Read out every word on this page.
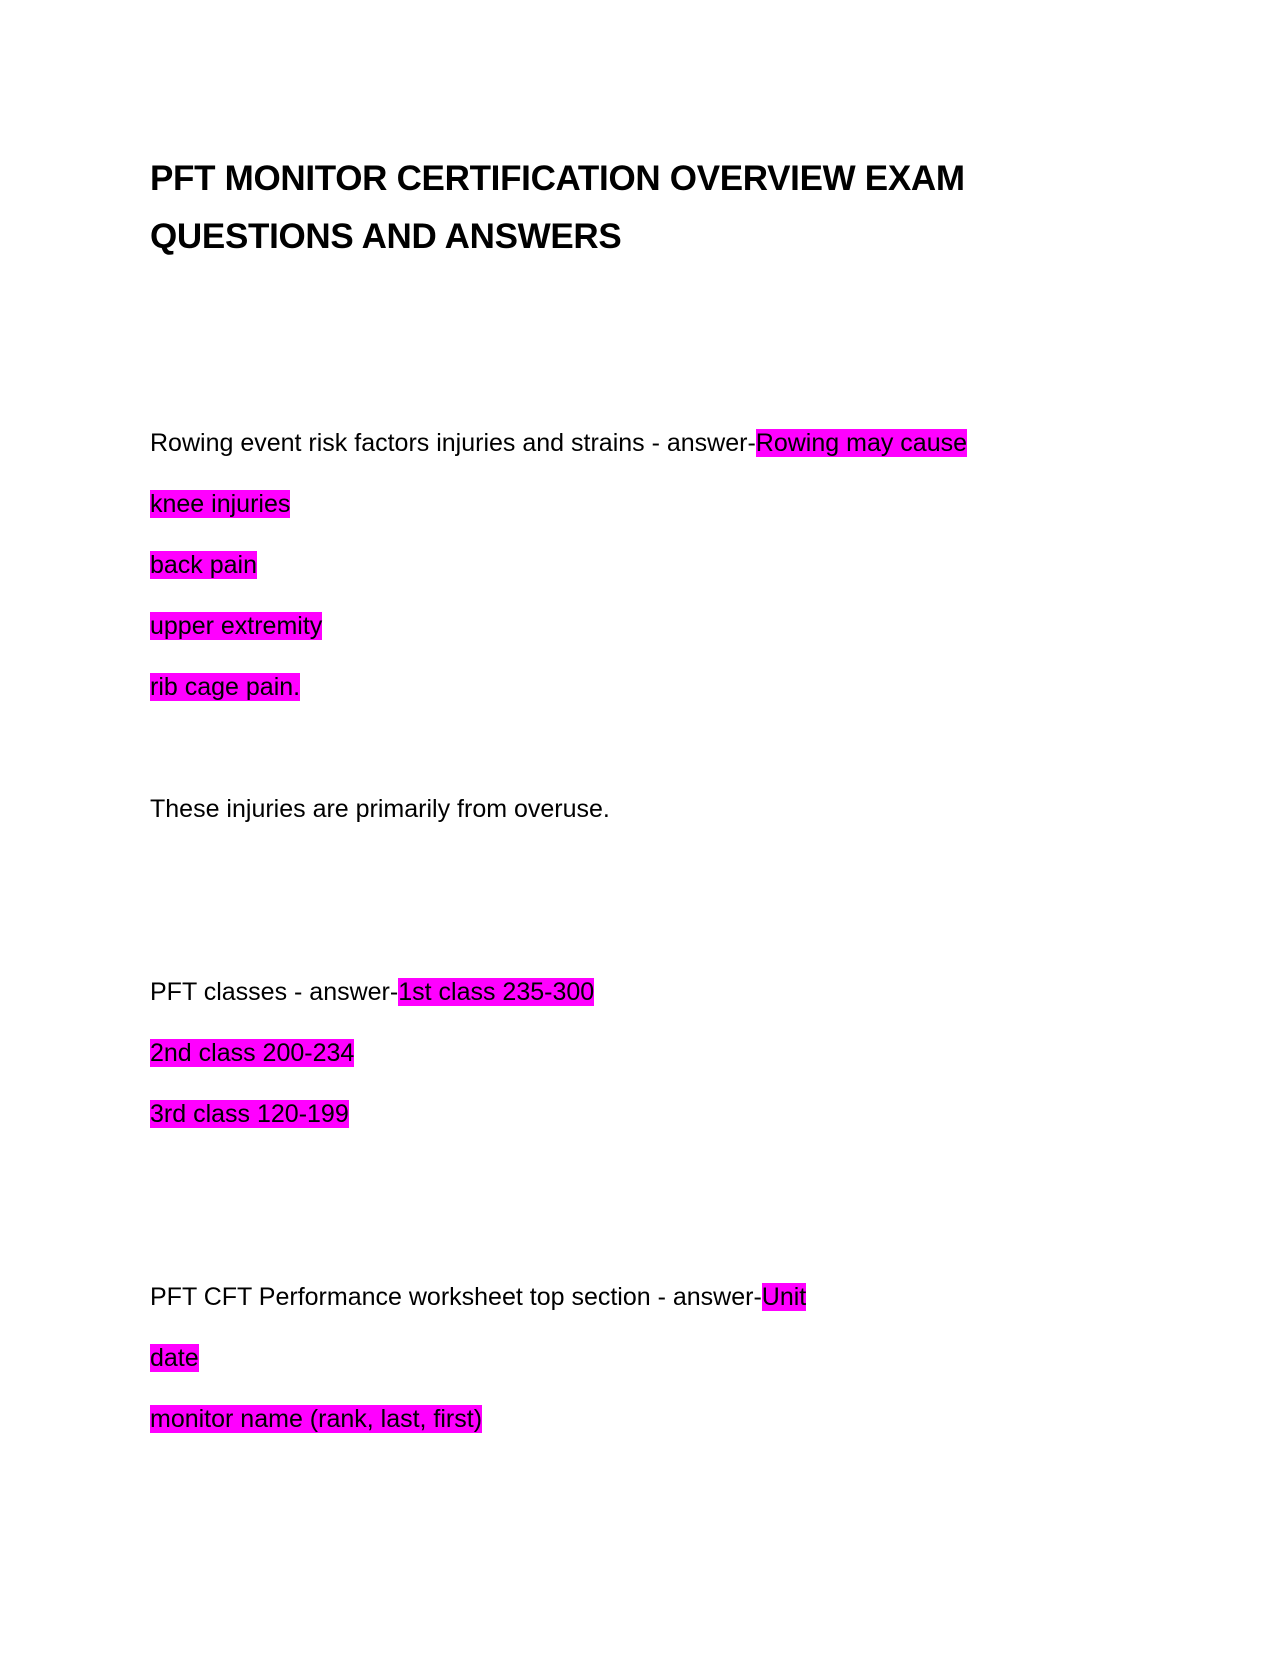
PFT MONITOR CERTIFICATION OVERVIEW EXAM
QUESTIONS AND ANSWERS
Rowing event risk factors injuries and strains - answer-Rowing may cause
knee injuries
back pain
upper extremity
rib cage pain.
These injuries are primarily from overuse.
PFT classes - answer-1st class 235-300
2nd class 200-234
3rd class 120-199
PFT CFT Performance worksheet top section - answer-Unit
date
monitor name (rank, last, first)
